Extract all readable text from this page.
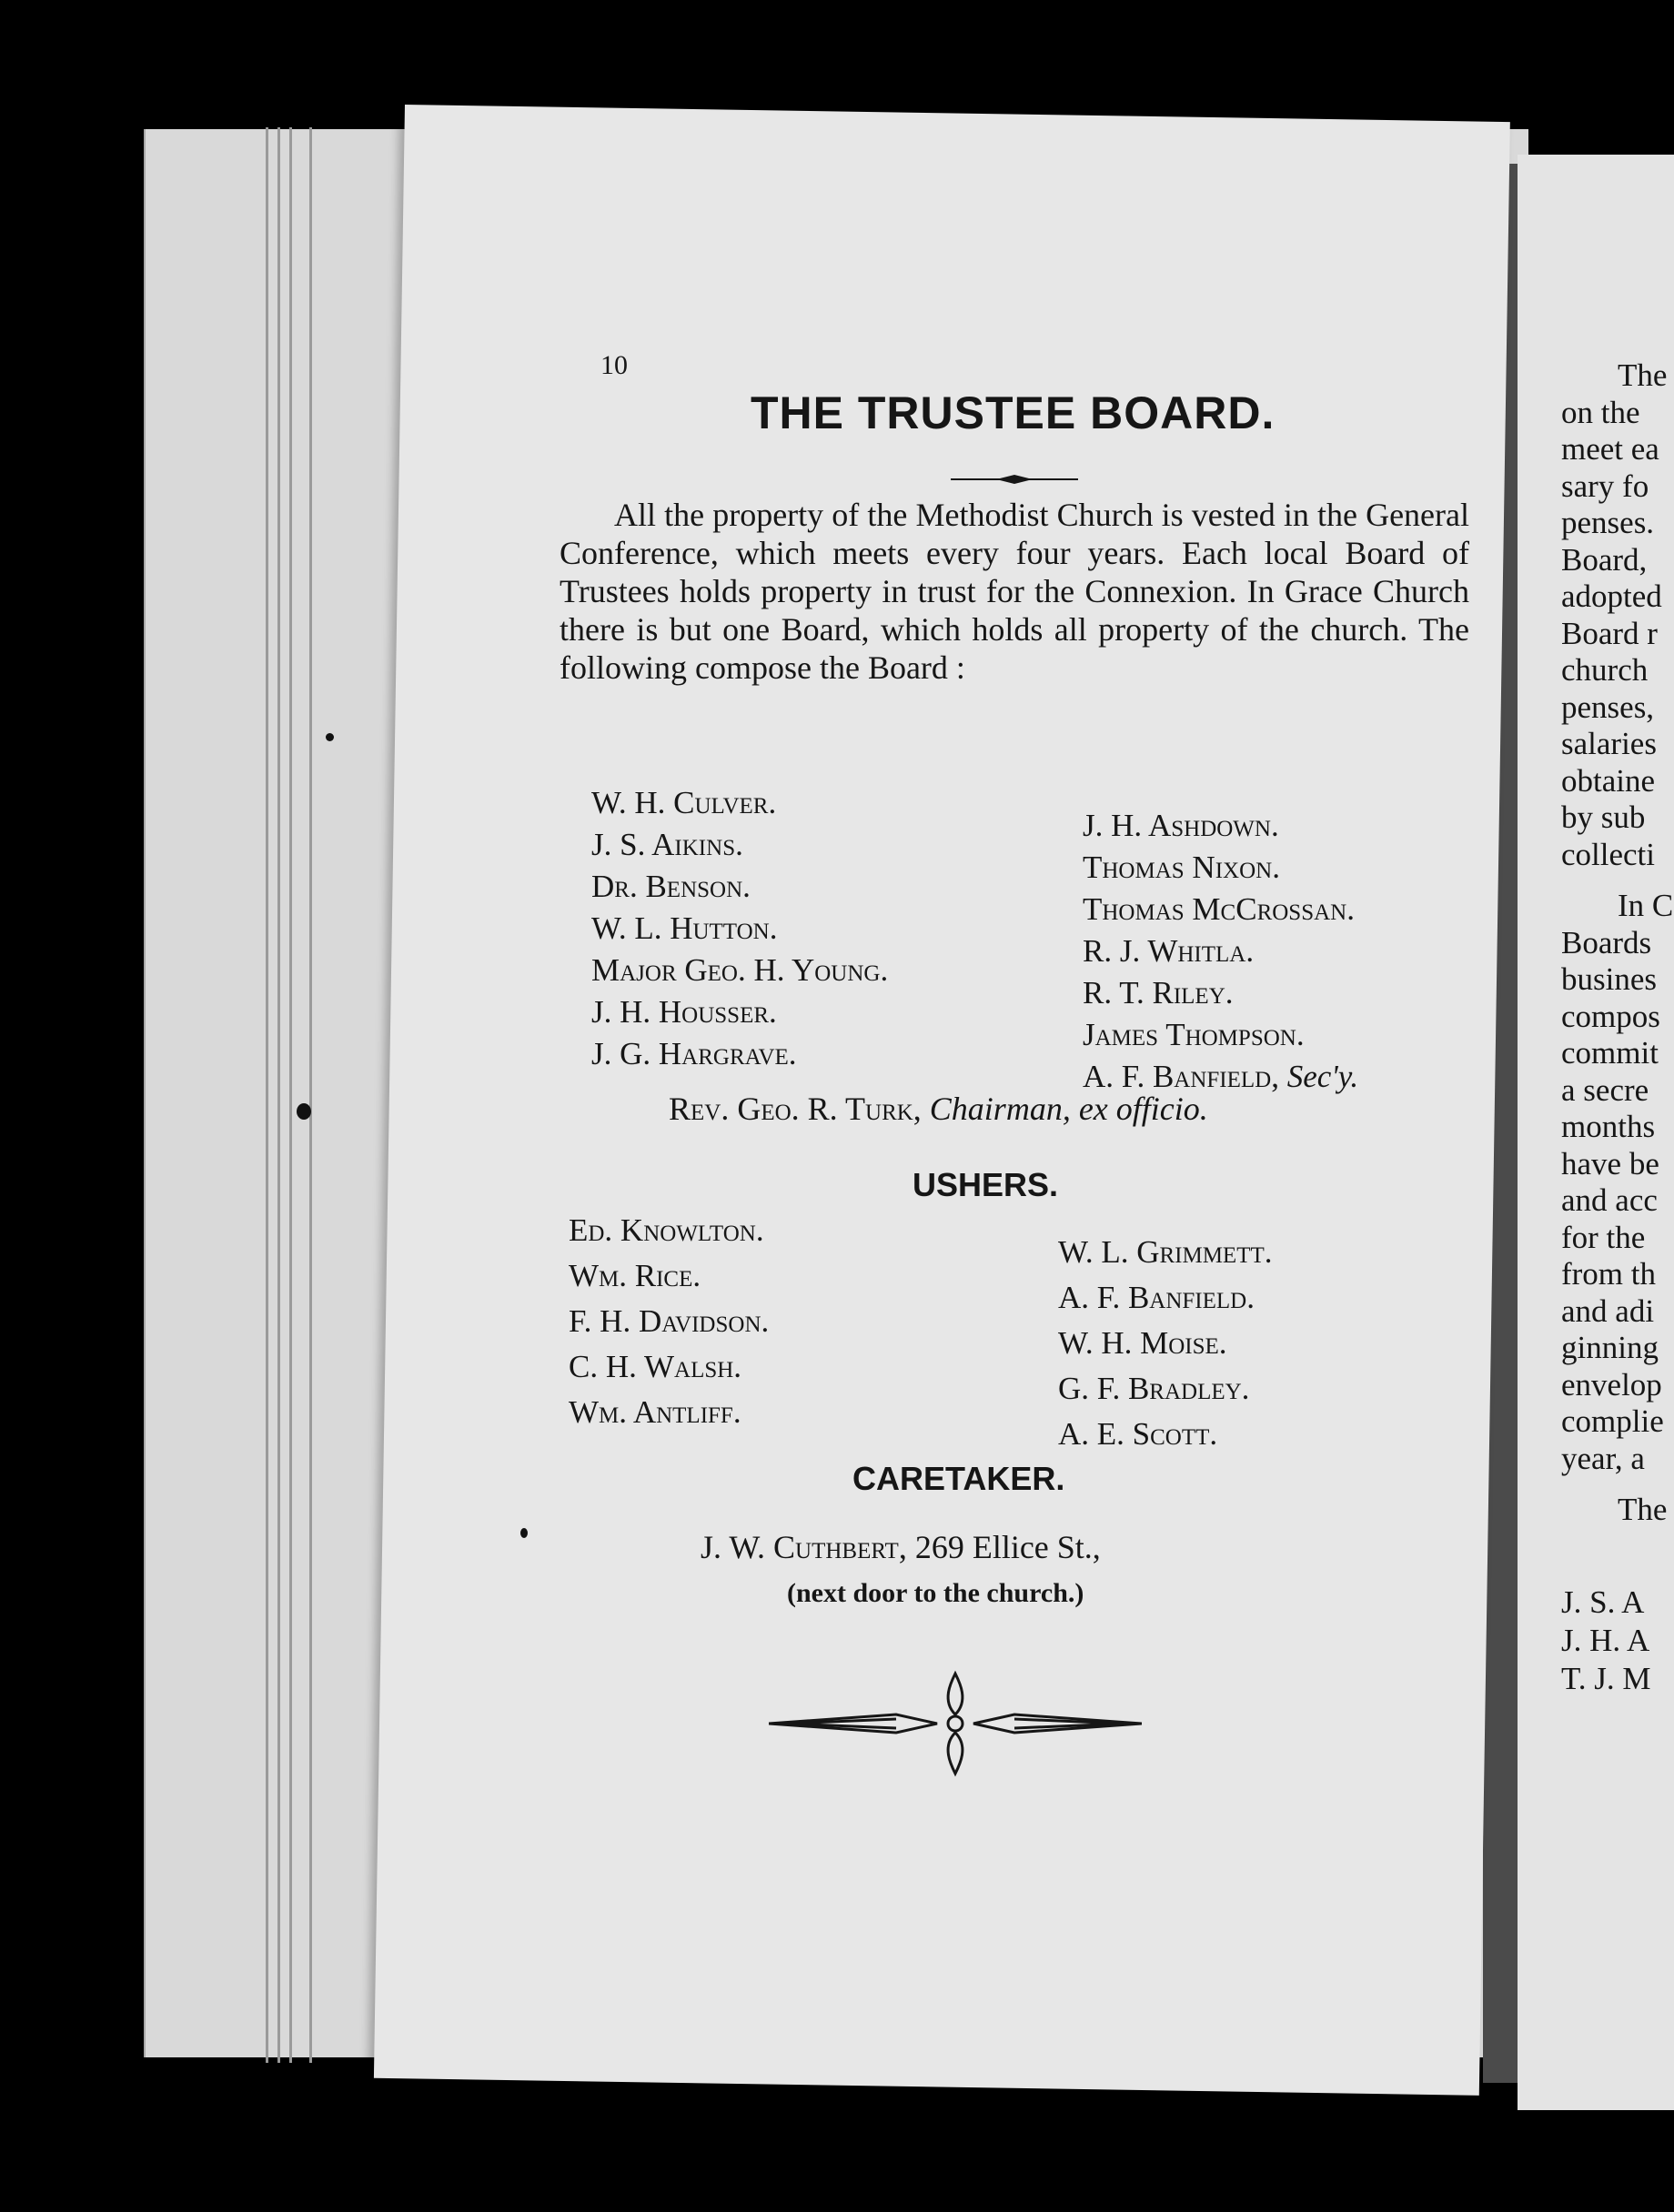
The
on the
meet ea
sary fo
penses.
Board,
adopted
Board r
church
penses,
salaries
obtaine
by sub
collecti
In C
Boards
busines
compos
commit
a secre
months
have be
and acc
for the
from th
and adi
ginning
envelop
complie
year, a
The
J. S. A
J. H. A
T. J. M
10
THE TRUSTEE BOARD.
All the property of the Methodist Church is vested in the General Conference, which meets every four years. Each local Board of Trustees holds property in trust for the Connexion. In Grace Church there is but one Board, which holds all property of the church. The following compose the Board :
W. H. Culver.
J. S. Aikins.
Dr. Benson.
W. L. Hutton.
Major Geo. H. Young.
J. H. Housser.
J. G. Hargrave.
J. H. Ashdown.
Thomas Nixon.
Thomas McCrossan.
R. J. Whitla.
R. T. Riley.
James Thompson.
A. F. Banfield, Sec'y.
Rev. Geo. R. Turk, Chairman, ex officio.
USHERS.
Ed. Knowlton.
Wm. Rice.
F. H. Davidson.
C. H. Walsh.
Wm. Antliff.
W. L. Grimmett.
A. F. Banfield.
W. H. Moise.
G. F. Bradley.
A. E. Scott.
CARETAKER.
J. W. Cuthbert, 269 Ellice St.,
(next door to the church.)
